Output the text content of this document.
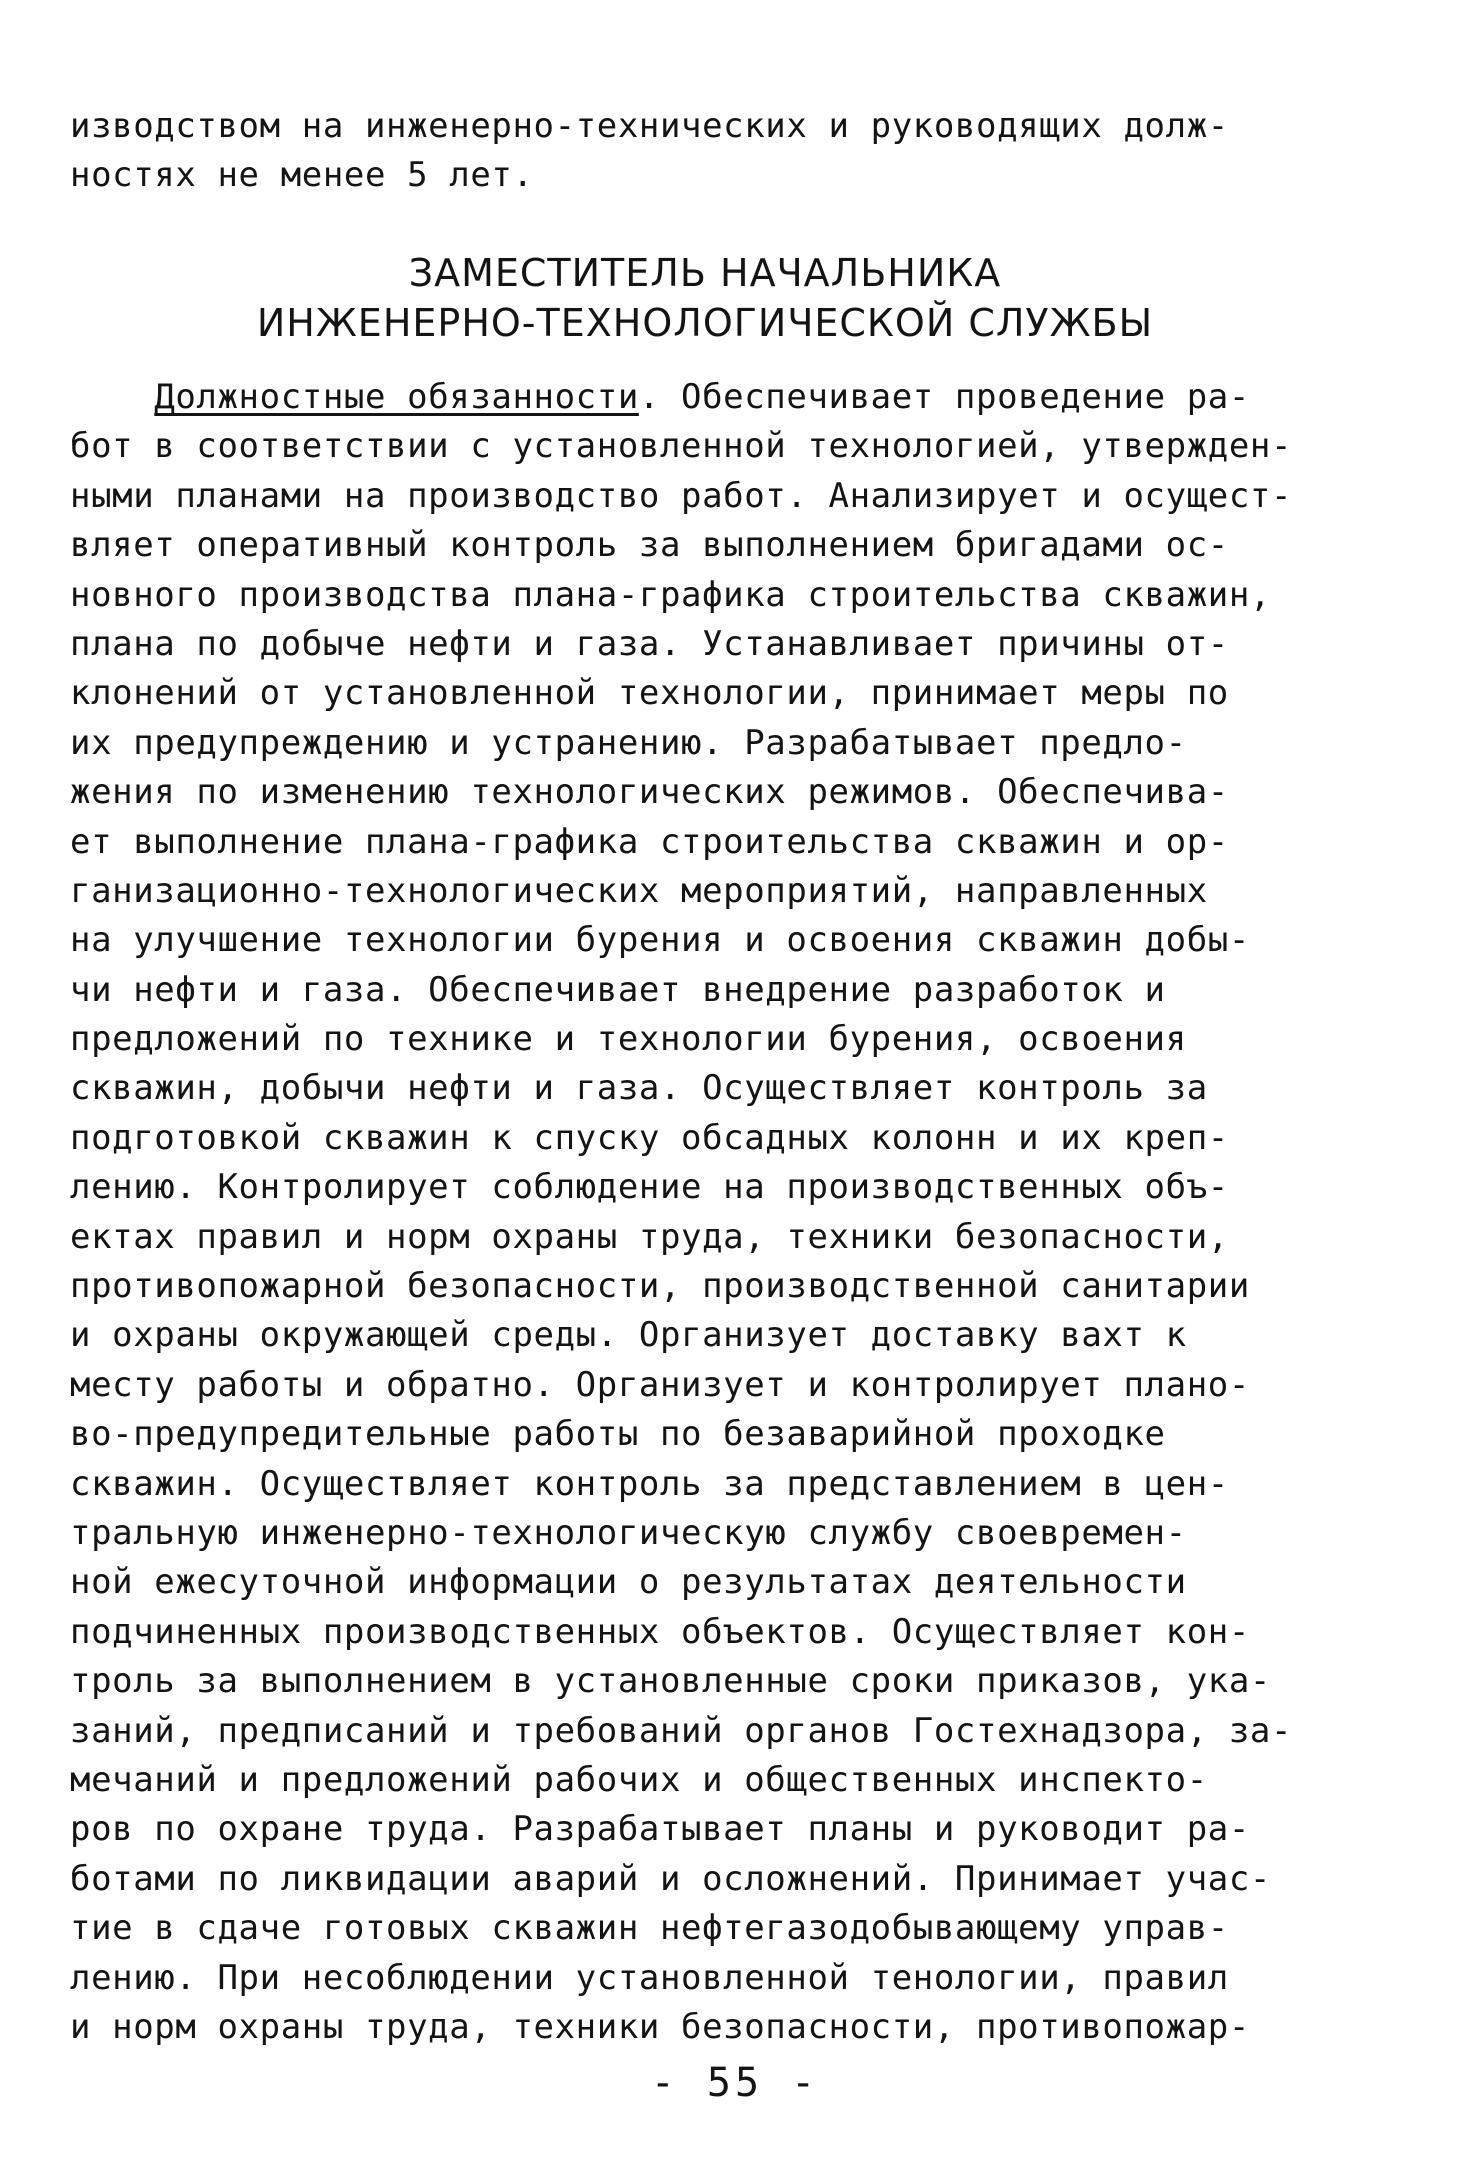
изводством на инженерно-технических и руководящих долж-
ностях не менее 5 лет.
ЗАМЕСТИТЕЛЬ НАЧАЛЬНИКА
ИНЖЕНЕРНО-ТЕХНОЛОГИЧЕСКОЙ СЛУЖБЫ
Должностные обязанности. Обеспечивает проведение ра-
бот в соответствии с установленной технологией, утвержден-
ными планами на производство работ. Анализирует и осущест-
вляет оперативный контроль за выполнением бригадами ос-
новного производства плана-графика строительства скважин,
плана по добыче нефти и газа. Устанавливает причины от-
клонений от установленной технологии, принимает меры по
их предупреждению и устранению. Разрабатывает предло-
жения по изменению технологических режимов. Обеспечива-
ет выполнение плана-графика строительства скважин и ор-
ганизационно-технологических мероприятий, направленных
на улучшение технологии бурения и освоения скважин добы-
чи нефти и газа. Обеспечивает внедрение разработок и
предложений по технике и технологии бурения, освоения
скважин, добычи нефти и газа. Осуществляет контроль за
подготовкой скважин к спуску обсадных колонн и их креп-
лению. Контролирует соблюдение на производственных объ-
ектах правил и норм охраны труда, техники безопасности,
противопожарной безопасности, производственной санитарии
и охраны окружающей среды. Организует доставку вахт к
месту работы и обратно. Организует и контролирует плано-
во-предупредительные работы по безаварийной проходке
скважин. Осуществляет контроль за представлением в цен-
тральную инженерно-технологическую службу своевремен-
ной ежесуточной информации о результатах деятельности
подчиненных производственных объектов. Осуществляет кон-
троль за выполнением в установленные сроки приказов, ука-
заний, предписаний и требований органов Гостехнадзора, за-
мечаний и предложений рабочих и общественных инспекто-
ров по охране труда. Разрабатывает планы и руководит ра-
ботами по ликвидации аварий и осложнений. Принимает учас-
тие в сдаче готовых скважин нефтегазодобывающему управ-
лению. При несоблюдении установленной тенологии, правил
и норм охраны труда, техники безопасности, противопожар-
- 55 -
